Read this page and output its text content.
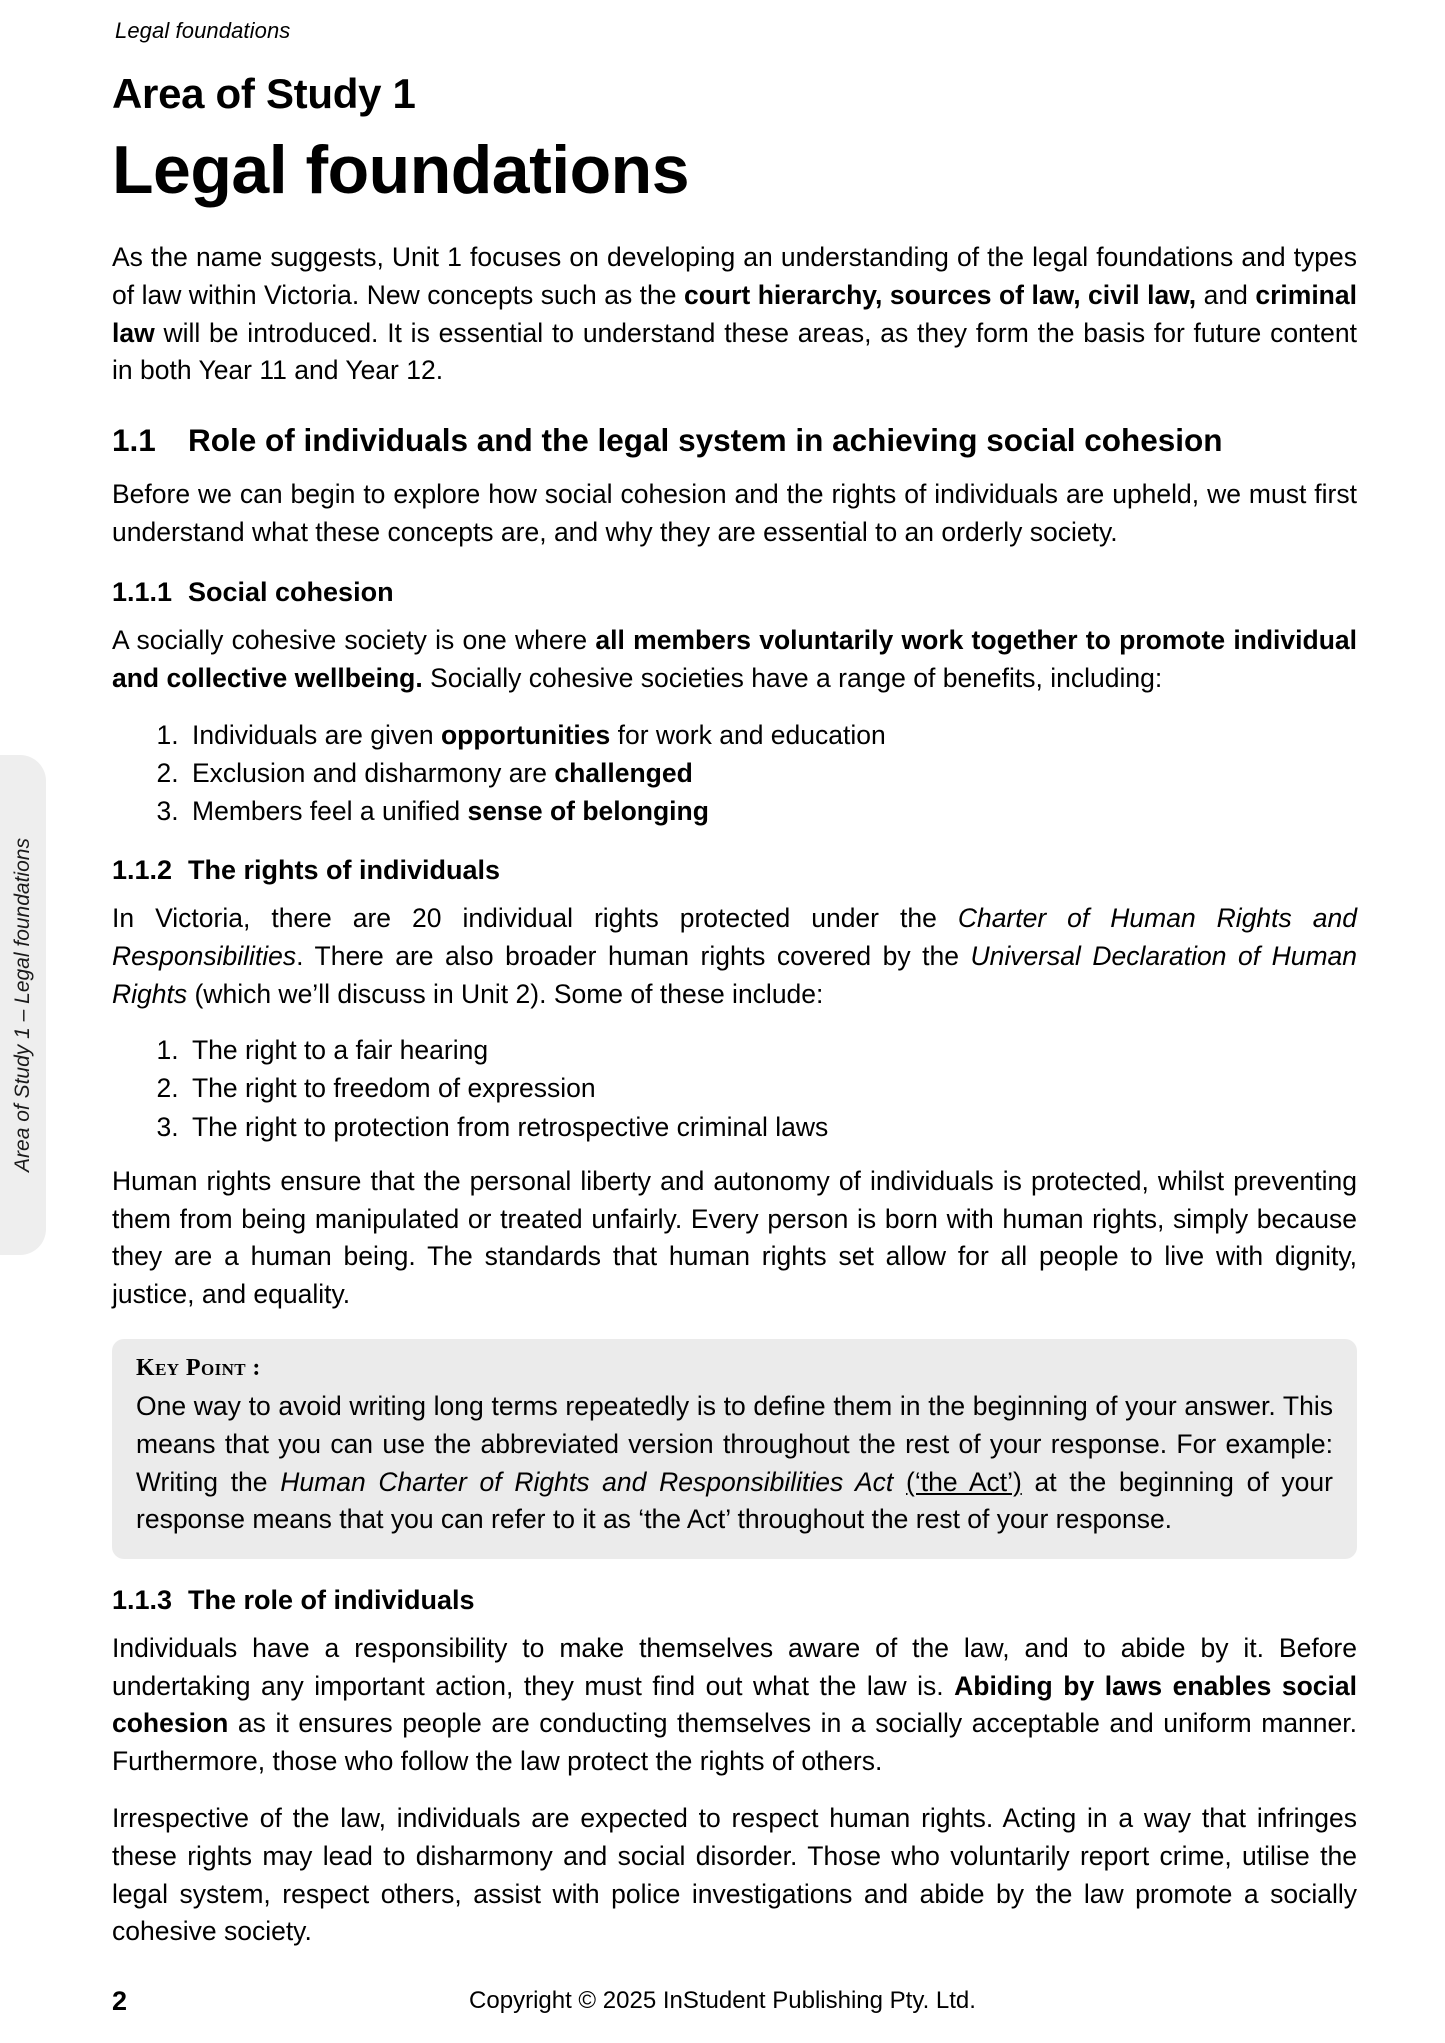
Legal foundations
Area of Study 1 – Legal foundations
Area of Study 1
Legal foundations

As the name suggests, Unit 1 focuses on developing an understanding of the legal foundations and types of law within Victoria. New concepts such as the court hierarchy, sources of law, civil law, and criminal law will be introduced. It is essential to understand these areas, as they form the basis for future content in both Year 11 and Year 12.

1.1	Role of individuals and the legal system in achieving social cohesion

Before we can begin to explore how social cohesion and the rights of individuals are upheld, we must first understand what these concepts are, and why they are essential to an orderly society.

1.1.1 Social cohesion

A socially cohesive society is one where all members voluntarily work together to promote individual and collective wellbeing. Socially cohesive societies have a range of benefits, including:

1. Individuals are given opportunities for work and education
2. Exclusion and disharmony are challenged
3. Members feel a unified sense of belonging
1.1.2 The rights of individuals

In Victoria, there are 20 individual rights protected under the Charter of Human Rights and Responsibilities. There are also broader human rights covered by the Universal Declaration of Human Rights (which we’ll discuss in Unit 2). Some of these include:

1. The right to a fair hearing
2. The right to freedom of expression
3. The right to protection from retrospective criminal laws

Human rights ensure that the personal liberty and autonomy of individuals is protected, whilst preventing them from being manipulated or treated unfairly. Every person is born with human rights, simply because they are a human being. The standards that human rights set allow for all people to live with dignity, justice, and equality.

Key Point :

One way to avoid writing long terms repeatedly is to define them in the beginning of your answer. This means that you can use the abbreviated version throughout the rest of your response. For example: Writing the Human Charter of Rights and Responsibilities Act (‘the Act’) at the beginning of your response means that you can refer to it as ‘the Act’ throughout the rest of your response.

1.1.3 The role of individuals

Individuals have a responsibility to make themselves aware of the law, and to abide by it. Before undertaking any important action, they must find out what the law is. Abiding by laws enables social cohesion as it ensures people are conducting themselves in a socially acceptable and uniform manner. Furthermore, those who follow the law protect the rights of others.

Irrespective of the law, individuals are expected to respect human rights. Acting in a way that infringes these rights may lead to disharmony and social disorder. Those who voluntarily report crime, utilise the legal system, respect others, assist with police investigations and abide by the law promote a socially cohesive society.

2	Copyright © 2025 InStudent Publishing Pty. Ltd.
